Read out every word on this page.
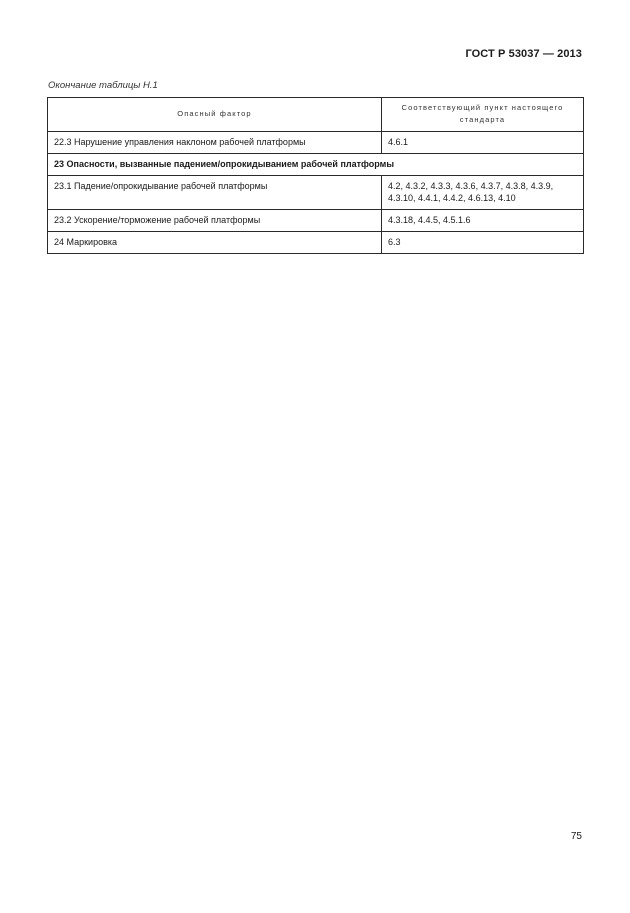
ГОСТ Р 53037 — 2013
Окончание таблицы Н.1
Опасный фактор	Соответствующий пункт настоящего стандарта
22.3 Нарушение управления наклоном рабочей платформы	4.6.1
23 Опасности, вызванные падением/опрокидыванием рабочей платформы	
23.1 Падение/опрокидывание рабочей платформы	4.2, 4.3.2, 4.3.3, 4.3.6, 4.3.7, 4.3.8, 4.3.9, 4.3.10, 4.4.1, 4.4.2, 4.6.13, 4.10
23.2 Ускорение/торможение рабочей платформы	4.3.18, 4.4.5, 4.5.1.6
24 Маркировка	6.3
75
